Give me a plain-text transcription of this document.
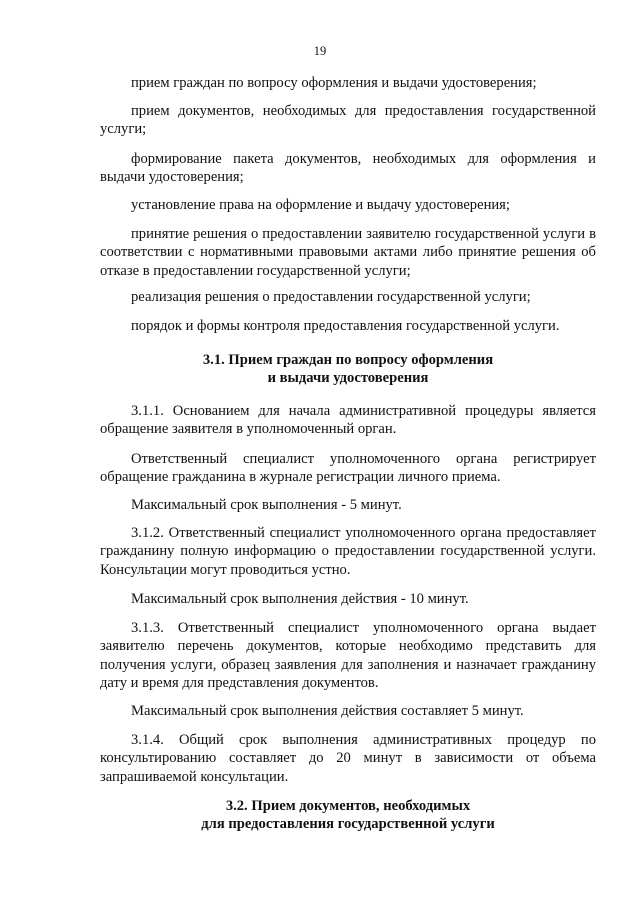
19

прием граждан по вопросу оформления и выдачи удостоверения;

прием документов, необходимых для предоставления государственной услуги;

формирование пакета документов, необходимых для оформления и выдачи удостоверения;

установление права на оформление и выдачу удостоверения;

принятие решения о предоставлении заявителю государственной услуги в соответствии с нормативными правовыми актами либо принятие решения об отказе в предоставлении государственной услуги;

реализация решения о предоставлении государственной услуги;

порядок и формы контроля предоставления государственной услуги.

3.1. Прием граждан по вопросу оформления
и выдачи удостоверения

3.1.1. Основанием для начала административной процедуры является обращение заявителя в уполномоченный орган.

Ответственный специалист уполномоченного органа регистрирует обращение гражданина в журнале регистрации личного приема.

Максимальный срок выполнения - 5 минут.

3.1.2. Ответственный специалист уполномоченного органа предоставляет гражданину полную информацию о предоставлении государственной услуги. Консультации могут проводиться устно.

Максимальный срок выполнения действия - 10 минут.

3.1.3. Ответственный специалист уполномоченного органа выдает заявителю перечень документов, которые необходимо представить для получения услуги, образец заявления для заполнения и назначает гражданину дату и время для представления документов.

Максимальный срок выполнения действия составляет 5 минут.

3.1.4. Общий срок выполнения административных процедур по консультированию составляет до 20 минут в зависимости от объема запрашиваемой консультации.

3.2. Прием документов, необходимых
для предоставления государственной услуги
